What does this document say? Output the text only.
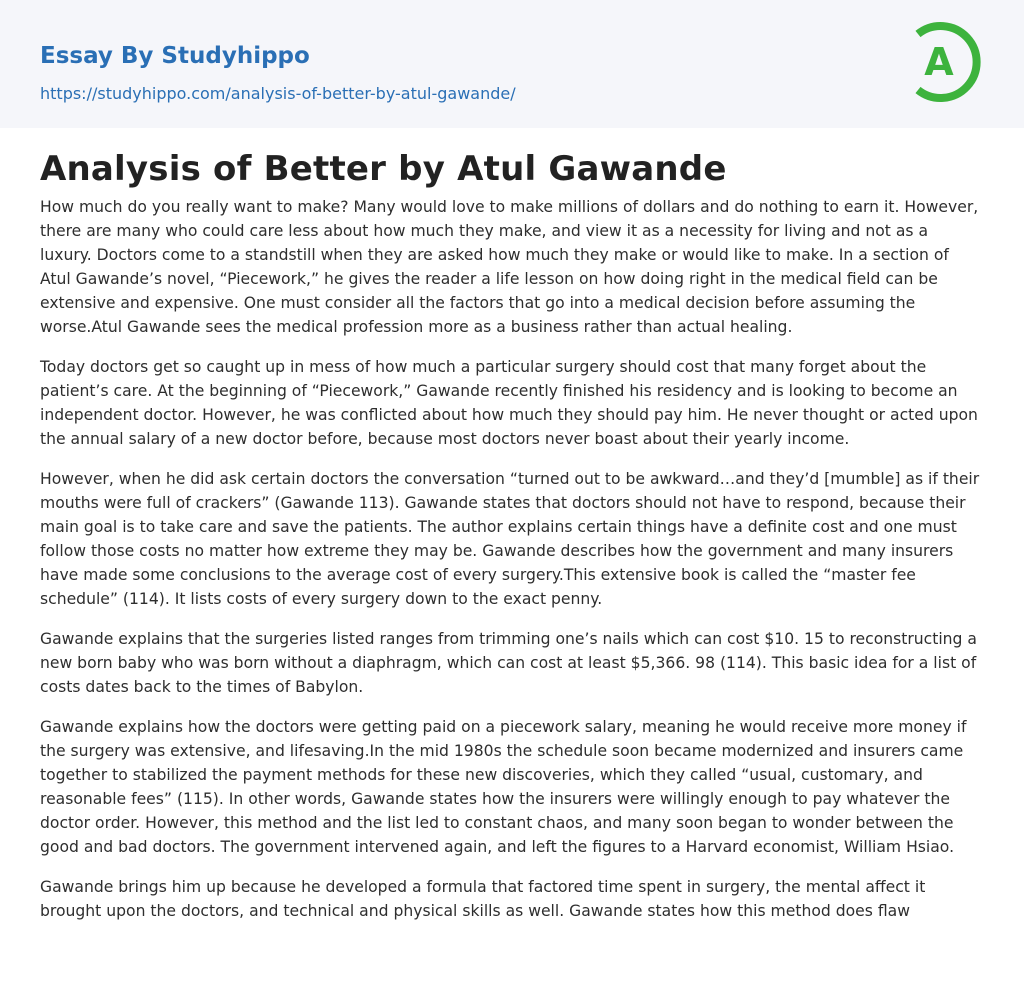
Essay By Studyhippo
https://studyhippo.com/analysis-of-better-by-atul-gawande/
A
Analysis of Better by Atul Gawande

How much do you really want to make? Many would love to make millions of dollars and do nothing to earn it. However, there are many who could care less about how much they make, and view it as a necessity for living and not as a luxury. Doctors come to a standstill when they are asked how much they make or would like to make. In a section of Atul Gawande’s novel, “Piecework,” he gives the reader a life lesson on how doing right in the medical field can be extensive and expensive. One must consider all the factors that go into a medical decision before assuming the worse.Atul Gawande sees the medical profession more as a business rather than actual healing.

Today doctors get so caught up in mess of how much a particular surgery should cost that many forget about the patient’s care. At the beginning of “Piecework,” Gawande recently finished his residency and is looking to become an independent doctor. However, he was conflicted about how much they should pay him. He never thought or acted upon the annual salary of a new doctor before, because most doctors never boast about their yearly income.

However, when he did ask certain doctors the conversation “turned out to be awkward…and they’d [mumble] as if their mouths were full of crackers” (Gawande 113). Gawande states that doctors should not have to respond, because their main goal is to take care and save the patients. The author explains certain things have a definite cost and one must follow those costs no matter how extreme they may be. Gawande describes how the government and many insurers have made some conclusions to the average cost of every surgery.This extensive book is called the “master fee schedule” (114). It lists costs of every surgery down to the exact penny.

Gawande explains that the surgeries listed ranges from trimming one’s nails which can cost $10. 15 to reconstructing a new born baby who was born without a diaphragm, which can cost at least $5,366. 98 (114). This basic idea for a list of costs dates back to the times of Babylon.

Gawande explains how the doctors were getting paid on a piecework salary, meaning he would receive more money if the surgery was extensive, and lifesaving.In the mid 1980s the schedule soon became modernized and insurers came together to stabilized the payment methods for these new discoveries, which they called “usual, customary, and reasonable fees” (115). In other words, Gawande states how the insurers were willingly enough to pay whatever the doctor order. However, this method and the list led to constant chaos, and many soon began to wonder between the good and bad doctors. The government intervened again, and left the figures to a Harvard economist, William Hsiao.

Gawande brings him up because he developed a formula that factored time spent in surgery, the mental affect it brought upon the doctors, and technical and physical skills as well. Gawande states how this method does flaw
